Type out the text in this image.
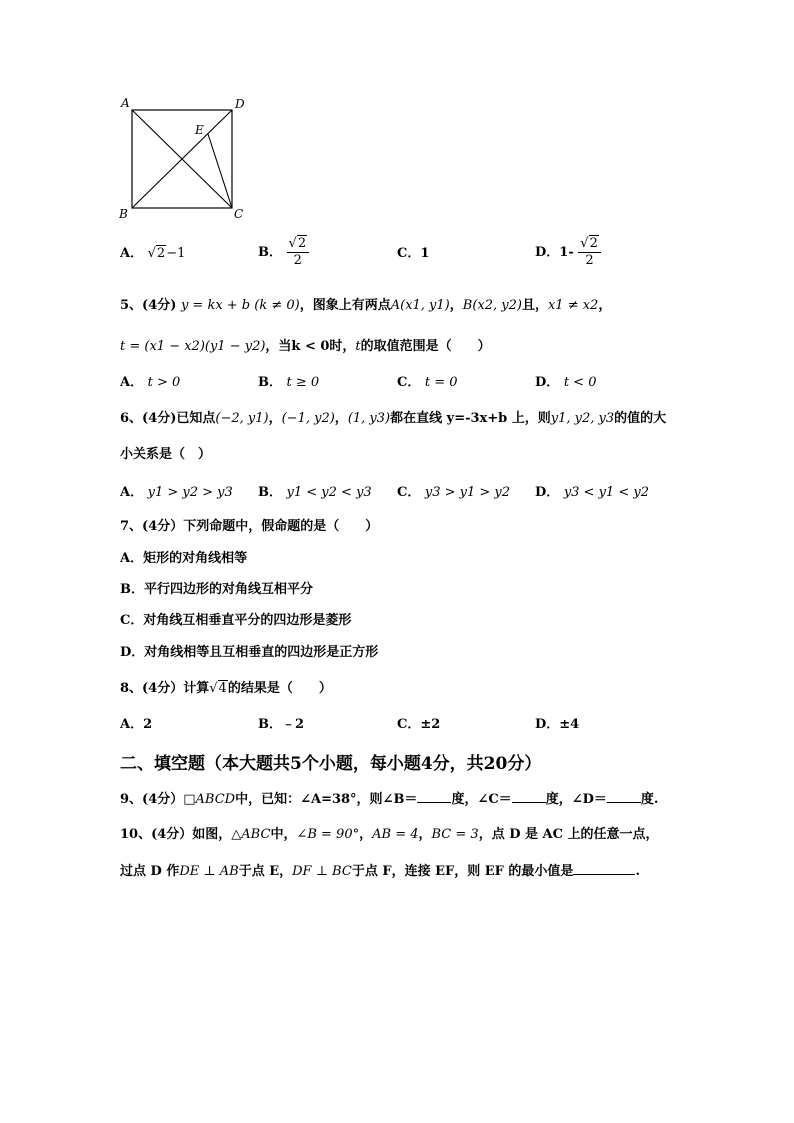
A	D
E
B	C
A． √2−1	B． $\frac{√2}{2}$	C．1	D．$1- \frac{√2}{2}$
5、(4分) y = kx + b (k ≠ 0)，图象上有两点A(x1, y1)，B(x2, y2)且，x1 ≠ x2，
t = (x1 − x2)(y1 − y2)，当k < 0时，t的取值范围是（　　）
A． t > 0	B． t ≥ 0	C． t = 0	D． t < 0
6、(4分)已知点(−2, y1)，(−1, y2)，(1, y3)都在直线 y=-3x+b 上，则y1, y2, y3的值的大
小关系是（　）
A． y1 > y2 > y3 B． y1 < y2 < y3 C． y3 > y1 > y2 D． y3 < y1 < y2
7、(4分）下列命题中，假命题的是（　　）
A．矩形的对角线相等
B．平行四边形的对角线互相平分
C．对角线互相垂直平分的四边形是菱形
D．对角线相等且互相垂直的四边形是正方形
8、(4分）计算√4的结果是（　　）
A．2	B．﹣2	C．±2	D．±4
二、填空题（本大题共5个小题，每小题4分，共20分）
9、(4分）□ABCD中，已知：∠A=38°，则∠B＝	度，∠C＝	度，∠D＝	度.
10、(4分）如图，△ABC中，∠B = 90°，AB = 4，BC = 3，点 D 是 AC 上的任意一点，
过点 D 作DE ⊥ AB于点 E，DF ⊥ BC于点 F，连接 EF，则 EF 的最小值是	.
